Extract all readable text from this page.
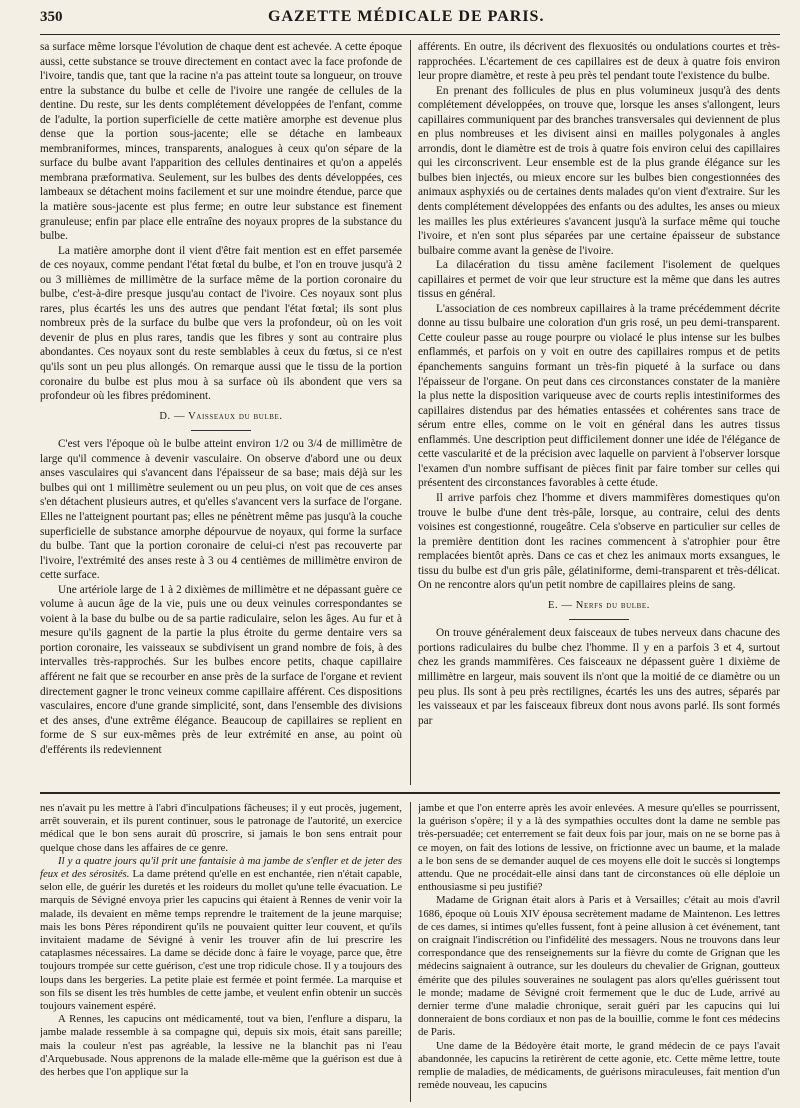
350	GAZETTE MÉDICALE DE PARIS.

sa surface même lorsque l'évolution de chaque dent est achevée. A cette époque aussi, cette substance se trouve directement en contact avec la face profonde de l'ivoire, tandis que, tant que la racine n'a pas atteint toute sa longueur, on trouve entre la substance du bulbe et celle de l'ivoire une rangée de cellules de la dentine. Du reste, sur les dents complétement développées de l'enfant, comme de l'adulte, la portion superficielle de cette matière amorphe est devenue plus dense que la portion sous-jacente; elle se détache en lambeaux membraniformes, minces, transparents, analogues à ceux qu'on sépare de la surface du bulbe avant l'apparition des cellules dentinaires et qu'on a appelés membrana præformativa. Seulement, sur les bulbes des dents développées, ces lambeaux se détachent moins facilement et sur une moindre étendue, parce que la matière sous-jacente est plus ferme; en outre leur substance est finement granuleuse; enfin par place elle entraîne des noyaux propres de la substance du bulbe.

La matière amorphe dont il vient d'être fait mention est en effet parsemée de ces noyaux, comme pendant l'état fœtal du bulbe, et l'on en trouve jusqu'à 2 ou 3 millièmes de millimètre de la surface même de la portion coronaire du bulbe, c'est-à-dire presque jusqu'au contact de l'ivoire. Ces noyaux sont plus rares, plus écartés les uns des autres que pendant l'état fœtal; ils sont plus nombreux près de la surface du bulbe que vers la profondeur, où on les voit devenir de plus en plus rares, tandis que les fibres y sont au contraire plus abondantes. Ces noyaux sont du reste semblables à ceux du fœtus, si ce n'est qu'ils sont un peu plus allongés. On remarque aussi que le tissu de la portion coronaire du bulbe est plus mou à sa surface où ils abondent que vers sa profondeur où les fibres prédominent.

D. — Vaisseaux du bulbe.

C'est vers l'époque où le bulbe atteint environ 1/2 ou 3/4 de millimètre de large qu'il commence à devenir vasculaire. On observe d'abord une ou deux anses vasculaires qui s'avancent dans l'épaisseur de sa base; mais déjà sur les bulbes qui ont 1 millimètre seulement ou un peu plus, on voit que de ces anses s'en détachent plusieurs autres, et qu'elles s'avancent vers la surface de l'organe. Elles ne l'atteignent pourtant pas; elles ne pénètrent même pas jusqu'à la couche superficielle de substance amorphe dépourvue de noyaux, qui forme la surface du bulbe. Tant que la portion coronaire de celui-ci n'est pas recouverte par l'ivoire, l'extrémité des anses reste à 3 ou 4 centièmes de millimètre environ de cette surface.

Une artériole large de 1 à 2 dixièmes de millimètre et ne dépassant guère ce volume à aucun âge de la vie, puis une ou deux veinules correspondantes se voient à la base du bulbe ou de sa partie radiculaire, selon les âges. Au fur et à mesure qu'ils gagnent de la partie la plus étroite du germe dentaire vers sa portion coronaire, les vaisseaux se subdivisent un grand nombre de fois, à des intervalles très-rapprochés. Sur les bulbes encore petits, chaque capillaire afférent ne fait que se recourber en anse près de la surface de l'organe et revient directement gagner le tronc veineux comme capillaire afférent. Ces dispositions vasculaires, encore d'une grande simplicité, sont, dans l'ensemble des divisions et des anses, d'une extrême élégance. Beaucoup de capillaires se replient en forme de S sur eux-mêmes près de leur extrémité en anse, au point où d'efférents ils redeviennent

afférents. En outre, ils décrivent des flexuosités ou ondulations courtes et très-rapprochées. L'écartement de ces capillaires est de deux à quatre fois environ leur propre diamètre, et reste à peu près tel pendant toute l'existence du bulbe.

En prenant des follicules de plus en plus volumineux jusqu'à des dents complétement développées, on trouve que, lorsque les anses s'allongent, leurs capillaires communiquent par des branches transversales qui deviennent de plus en plus nombreuses et les divisent ainsi en mailles polygonales à angles arrondis, dont le diamètre est de trois à quatre fois environ celui des capillaires qui les circonscrivent. Leur ensemble est de la plus grande élégance sur les bulbes bien injectés, ou mieux encore sur les bulbes bien congestionnées des animaux asphyxiés ou de certaines dents malades qu'on vient d'extraire. Sur les dents complétement développées des enfants ou des adultes, les anses ou mieux les mailles les plus extérieures s'avancent jusqu'à la surface même qui touche l'ivoire, et n'en sont plus séparées par une certaine épaisseur de substance bulbaire comme avant la genèse de l'ivoire.

La dilacération du tissu amène facilement l'isolement de quelques capillaires et permet de voir que leur structure est la même que dans les autres tissus en général.

L'association de ces nombreux capillaires à la trame précédemment décrite donne au tissu bulbaire une coloration d'un gris rosé, un peu demi-transparent. Cette couleur passe au rouge pourpre ou violacé le plus intense sur les bulbes enflammés, et parfois on y voit en outre des capillaires rompus et de petits épanchements sanguins formant un très-fin piqueté à la surface ou dans l'épaisseur de l'organe. On peut dans ces circonstances constater de la manière la plus nette la disposition variqueuse avec de courts replis intestiniformes des capillaires distendus par des hématies entassées et cohérentes sans trace de sérum entre elles, comme on le voit en général dans les autres tissus enflammés. Une description peut difficilement donner une idée de l'élégance de cette vascularité et de la précision avec laquelle on parvient à l'observer lorsque l'examen d'un nombre suffisant de pièces finit par faire tomber sur celles qui présentent des circonstances favorables à cette étude.

Il arrive parfois chez l'homme et divers mammifères domestiques qu'on trouve le bulbe d'une dent très-pâle, lorsque, au contraire, celui des dents voisines est congestionné, rougeâtre. Cela s'observe en particulier sur celles de la première dentition dont les racines commencent à s'atrophier pour être remplacées bientôt après. Dans ce cas et chez les animaux morts exsangues, le tissu du bulbe est d'un gris pâle, gélatiniforme, demi-transparent et très-délicat. On ne rencontre alors qu'un petit nombre de capillaires pleins de sang.

E. — Nerfs du bulbe.

On trouve généralement deux faisceaux de tubes nerveux dans chacune des portions radiculaires du bulbe chez l'homme. Il y en a parfois 3 et 4, surtout chez les grands mammifères. Ces faisceaux ne dépassent guère 1 dixième de millimètre en largeur, mais souvent ils n'ont que la moitié de ce diamètre ou un peu plus. Ils sont à peu près rectilignes, écartés les uns des autres, séparés par les vaisseaux et par les faisceaux fibreux dont nous avons parlé. Ils sont formés par

nes n'avait pu les mettre à l'abri d'inculpations fâcheuses; il y eut procès, jugement, arrêt souverain, et ils purent continuer, sous le patronage de l'autorité, un exercice médical que le bon sens aurait dû proscrire, si jamais le bon sens entrait pour quelque chose dans les affaires de ce genre.

Il y a quatre jours qu'il prit une fantaisie à ma jambe de s'enfler et de jeter des feux et des sérosités. La dame prétend qu'elle en est enchantée, rien n'était capable, selon elle, de guérir les duretés et les roideurs du mollet qu'une telle évacuation. Le marquis de Sévigné envoya prier les capucins qui étaient à Rennes de venir voir la malade, ils devaient en même temps reprendre le traitement de la jeune marquise; mais les bons Pères répondirent qu'ils ne pouvaient quitter leur couvent, et qu'ils invitaient madame de Sévigné à venir les trouver afin de lui prescrire les cataplasmes nécessaires. La dame se décide donc à faire le voyage, parce que, être toujours trompée sur cette guérison, c'est une trop ridicule chose. Il y a toujours des loups dans les bergeries. La petite plaie est fermée et point fermée. La marquise et son fils se disent les très humbles de cette jambe, et veulent enfin obtenir un succès toujours vainement espéré.

A Rennes, les capucins ont médicamenté, tout va bien, l'enflure a disparu, la jambe malade ressemble à sa compagne qui, depuis six mois, était sans pareille; mais la couleur n'est pas agréable, la lessive ne la blanchit pas ni l'eau d'Arquebusade. Nous apprenons de la malade elle-même que la guérison est due à des herbes que l'on applique sur la

jambe et que l'on enterre après les avoir enlevées. A mesure qu'elles se pourrissent, la guérison s'opère; il y a là des sympathies occultes dont la dame ne semble pas très-persuadée; cet enterrement se fait deux fois par jour, mais on ne se borne pas à ce moyen, on fait des lotions de lessive, on frictionne avec un baume, et la malade a le bon sens de se demander auquel de ces moyens elle doit le succès si longtemps attendu. Que ne procédait-elle ainsi dans tant de circonstances où elle déploie un enthousiasme si peu justifié?

Madame de Grignan était alors à Paris et à Versailles; c'était au mois d'avril 1686, époque où Louis XIV épousa secrètement madame de Maintenon. Les lettres de ces dames, si intimes qu'elles fussent, font à peine allusion à cet événement, tant on craignait l'indiscrétion ou l'infidélité des messagers. Nous ne trouvons dans leur correspondance que des renseignements sur la fièvre du comte de Grignan que les médecins saignaient à outrance, sur les douleurs du chevalier de Grignan, goutteux émérite que des pilules souveraines ne soulagent pas alors qu'elles guérissent tout le monde; madame de Sévigné croit fermement que le duc de Lude, arrivé au dernier terme d'une maladie chronique, serait guéri par les capucins qui lui donneraient de bons cordiaux et non pas de la bouillie, comme le font ces médecins de Paris.

Une dame de la Bédoyère était morte, le grand médecin de ce pays l'avait abandonnée, les capucins la retirèrent de cette agonie, etc. Cette même lettre, toute remplie de maladies, de médicaments, de guérisons miraculeuses, fait mention d'un remède nouveau, les capucins
